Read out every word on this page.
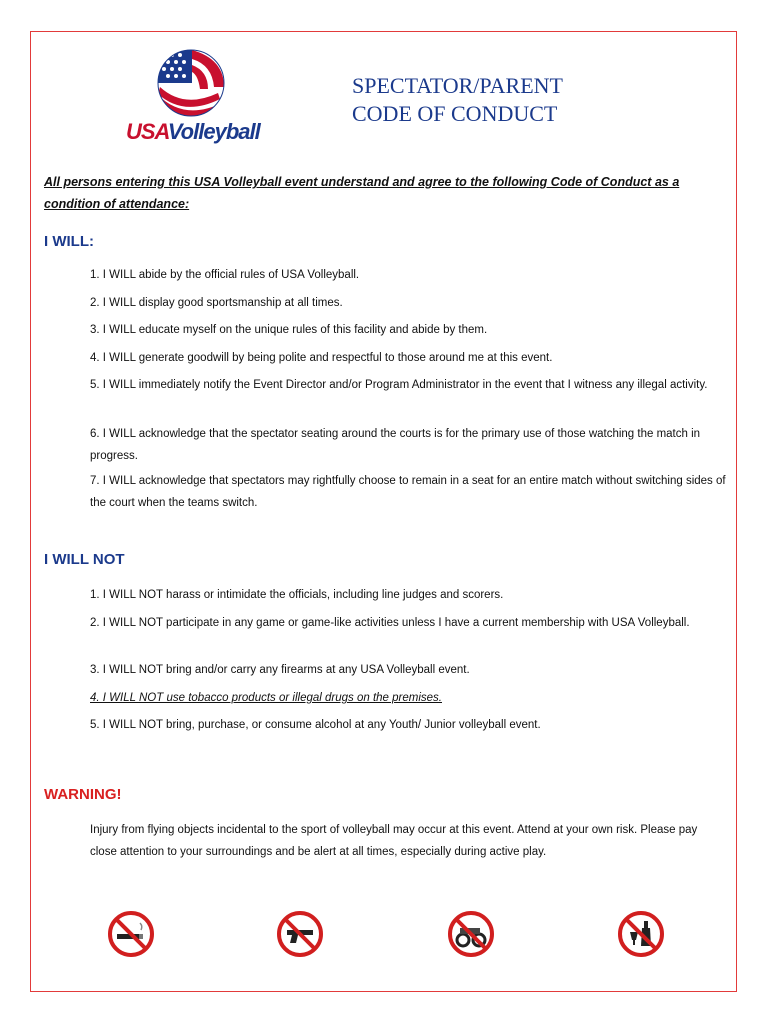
USAVolleyball
SPECTATOR/PARENT
CODE OF CONDUCT
All persons entering this USA Volleyball event understand and agree to the following Code of Conduct as a condition of attendance:
I WILL:
1. I WILL abide by the official rules of USA Volleyball.
2. I WILL display good sportsmanship at all times.
3. I WILL educate myself on the unique rules of this facility and abide by them.
4. I WILL generate goodwill by being polite and respectful to those around me at this event.
5. I WILL immediately notify the Event Director and/or Program Administrator in the event that I witness any illegal activity.
6. I WILL acknowledge that the spectator seating around the courts is for the primary use of those watching the match in progress.
7. I WILL acknowledge that spectators may rightfully choose to remain in a seat for an entire match without switching sides of the court when the teams switch.
I WILL NOT
1. I WILL NOT harass or intimidate the officials, including line judges and scorers.
2. I WILL NOT participate in any game or game-like activities unless I have a current membership with USA Volleyball.
3. I WILL NOT bring and/or carry any firearms at any USA Volleyball event.
4. I WILL NOT use tobacco products or illegal drugs on the premises.
5. I WILL NOT bring, purchase, or consume alcohol at any Youth/ Junior volleyball event.
WARNING!
Injury from flying objects incidental to the sport of volleyball may occur at this event. Attend at your own risk. Please pay close attention to your surroundings and be alert at all times, especially during active play.
